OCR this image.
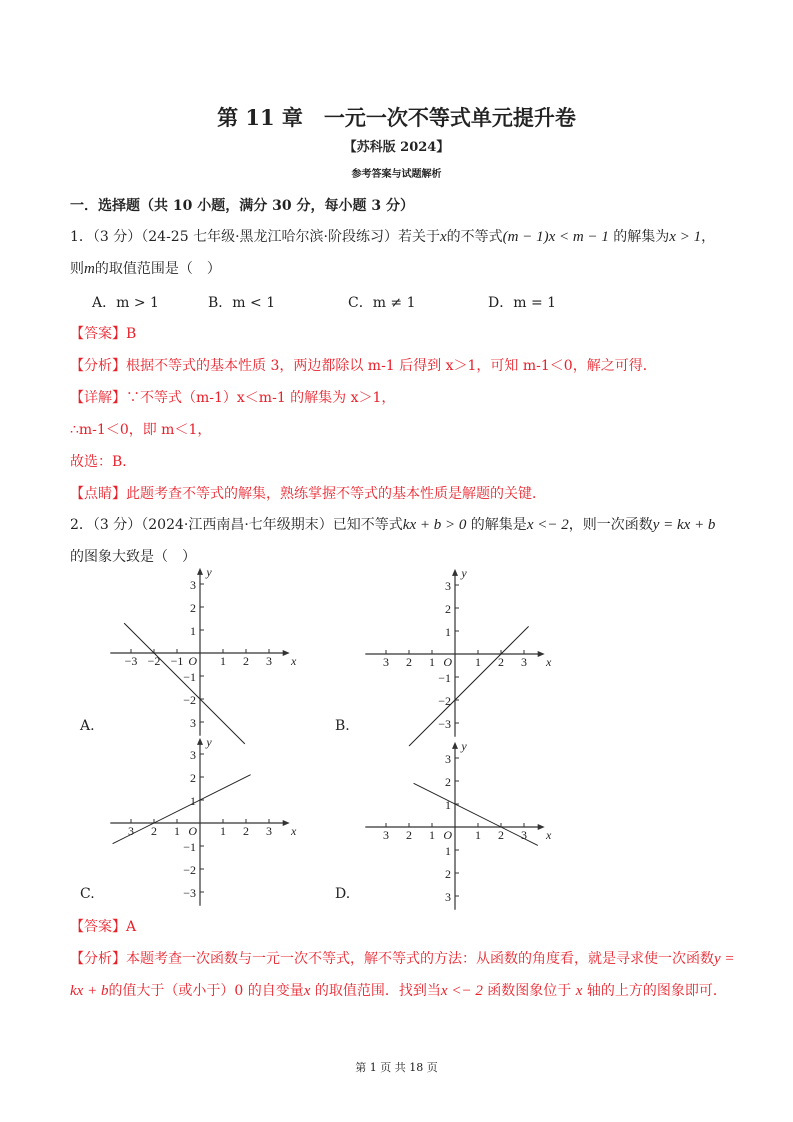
第 11 章　一元一次不等式单元提升卷
【苏科版 2024】
参考答案与试题解析
一．选择题（共 10 小题，满分 30 分，每小题 3 分）
1．（3 分）（24-25 七年级·黑龙江哈尔滨·阶段练习）若关于x的不等式(m − 1)x < m − 1 的解集为x > 1，
则m的取值范围是（　）
A．m > 1	B．m < 1	C．m ≠ 1	D．m = 1
【答案】B
【分析】根据不等式的基本性质 3，两边都除以 m-1 后得到 x＞1，可知 m-1＜0，解之可得．
【详解】∵不等式（m-1）x＜m-1 的解集为 x＞1，
∴m-1＜0，即 m＜1，
故选：B．
【点睛】此题考查不等式的解集，熟练掌握不等式的基本性质是解题的关键．
2．（3 分）（2024·江西南昌·七年级期末）已知不等式kx + b > 0 的解集是x <− 2，则一次函数y = kx + b
的图象大致是（　）
−3 −2 −1	1 2 3
3
2
1
−1
−2
3
O	x
y
3 2 1	1 2 3
3
2
1
−1
−2
−3
O	x
y
3 2 1	1 2 3
3
2
1
−1
−2
−3
O	x
y
3 2 1	1 2 3
3
2
1
1
2
3
O	x
y
A.	B.
C.	D.
【答案】A
【分析】本题考查一次函数与一元一次不等式，解不等式的方法：从函数的角度看，就是寻求使一次函数y =
kx + b的值大于（或小于）0 的自变量x 的取值范围．找到当x <− 2 函数图象位于 x 轴的上方的图象即可．
第 1 页 共 18 页
